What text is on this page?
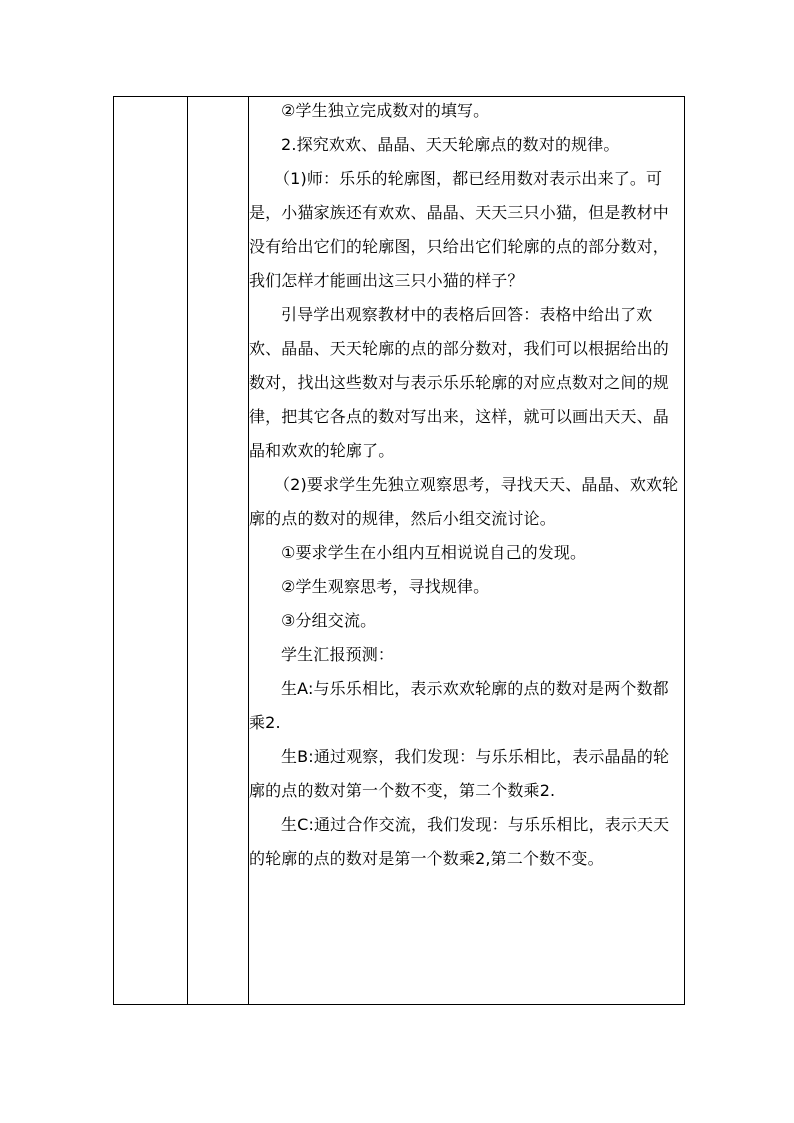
②学生独立完成数对的填写。

2.探究欢欢、晶晶、天天轮廓点的数对的规律。

（1)师：乐乐的轮廓图，都已经用数对表示出来了。可是，小猫家族还有欢欢、晶晶、天天三只小猫，但是教材中没有给出它们的轮廓图，只给出它们轮廓的点的部分数对，我们怎样才能画出这三只小猫的样子？

引导学出观察教材中的表格后回答：表格中给出了欢欢、晶晶、天天轮廓的点的部分数对，我们可以根据给出的数对，找出这些数对与表示乐乐轮廓的对应点数对之间的规律，把其它各点的数对写出来，这样，就可以画出天天、晶晶和欢欢的轮廓了。

（2)要求学生先独立观察思考，寻找天天、晶晶、欢欢轮廓的点的数对的规律，然后小组交流讨论。

①要求学生在小组内互相说说自己的发现。

②学生观察思考，寻找规律。

③分组交流。

学生汇报预测：

生A:与乐乐相比，表示欢欢轮廓的点的数对是两个数都乘2.

生B:通过观察，我们发现：与乐乐相比，表示晶晶的轮廓的点的数对第一个数不变，第二个数乘2.

生C:通过合作交流，我们发现：与乐乐相比，表示天天的轮廓的点的数对是第一个数乘2,第二个数不变。
